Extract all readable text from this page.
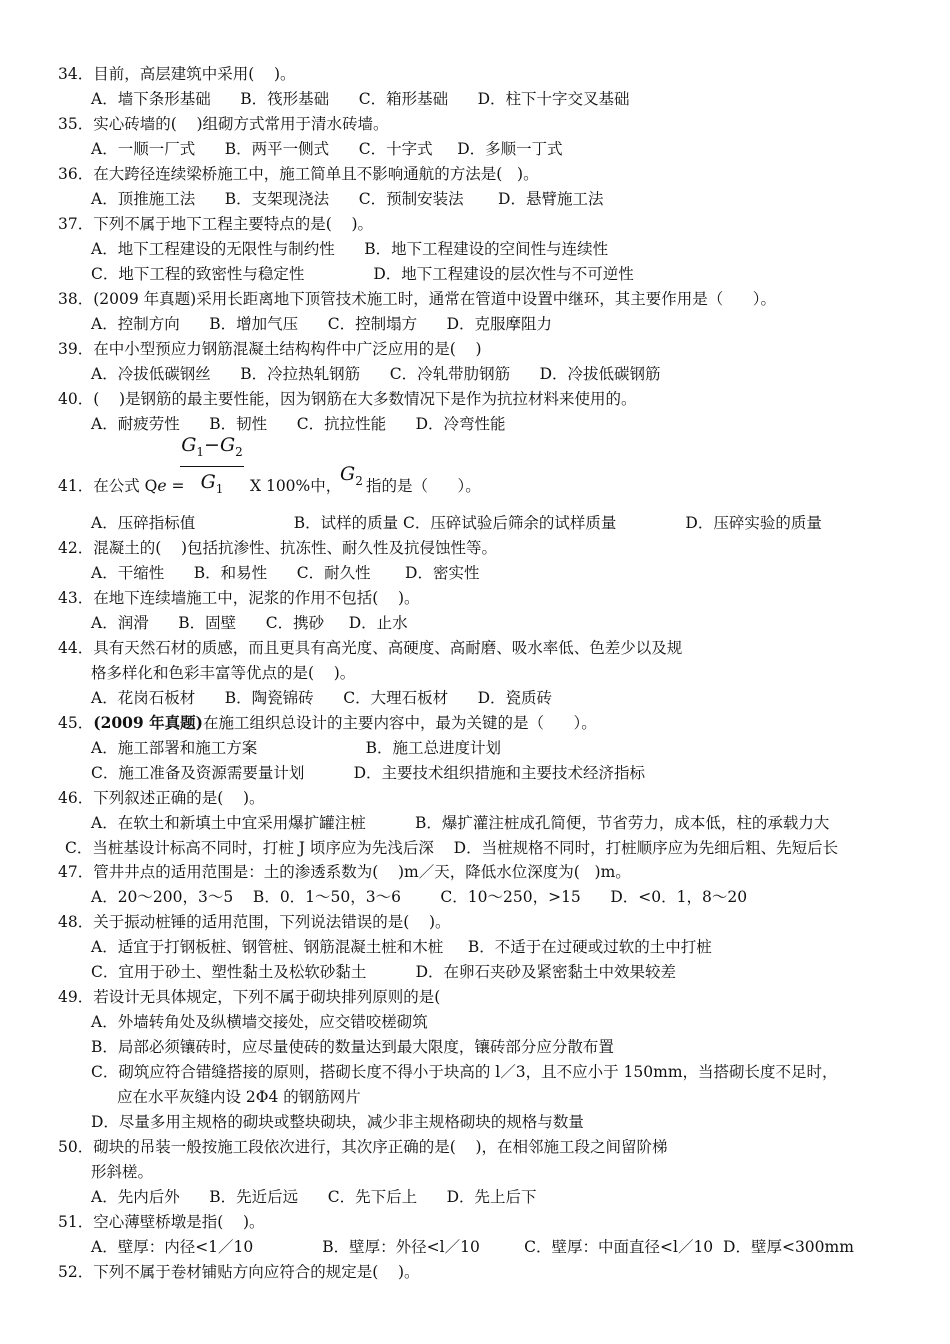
34．目前，高层建筑中采用(    )。
A．墙下条形基础      B．筏形基础      C．箱形基础      D．柱下十字交叉基础
35．实心砖墙的(    )组砌方式常用于清水砖墙。
A．一顺一厂式      B．两平一侧式      C．十字式     D．多顺一丁式
36．在大跨径连续梁桥施工中，施工简单且不影响通航的方法是(   )。
A．顶推施工法      B．支架现浇法      C．预制安装法       D．悬臂施工法
37．下列不属于地下工程主要特点的是(    )。
A．地下工程建设的无限性与制约性      B．地下工程建设的空间性与连续性
C．地下工程的致密性与稳定性              D．地下工程建设的层次性与不可逆性
38．(2009 年真题)采用长距离地下顶管技术施工时，通常在管道中设置中继环，其主要作用是（      ）。
A．控制方向      B．增加气压      C．控制塌方      D．克服摩阻力
39．在中小型预应力钢筋混凝土结构构件中广泛应用的是(    )
A．冷拔低碳钢丝      B．冷拉热轧钢筋      C．冷轧带肋钢筋      D．冷拔低碳钢筋
40．(    )是钢筋的最主要性能，因为钢筋在大多数情况下是作为抗拉材料来使用的。
A．耐疲劳性      B．韧性      C．抗拉性能      D．冷弯性能
A．压碎指标值                    B．试样的质量 C．压碎试验后筛余的试样质量              D．压碎实验的质量
42．混凝土的(    )包括抗渗性、抗冻性、耐久性及抗侵蚀性等。
A．干缩性      B．和易性      C．耐久性       D．密实性
43．在地下连续墙施工中，泥浆的作用不包括(    )。
A．润滑      B．固壁      C．携砂     D．止水
44．具有天然石材的质感，而且更具有高光度、高硬度、高耐磨、吸水率低、色差少以及规
格多样化和色彩丰富等优点的是(    )。
A．花岗石板材      B．陶瓷锦砖      C．大理石板材      D．瓷质砖
A．施工部署和施工方案                      B．施工总进度计划
C．施工准备及资源需要量计划          D．主要技术组织措施和主要技术经济指标
46．下列叙述正确的是(    )。
A．在软土和新填土中宜采用爆扩罐注桩          B．爆扩灌注桩成孔简便，节省劳力，成本低，柱的承载力大
C．当桩基设计标高不同时，打桩 J 顷序应为先浅后深    D．当桩规格不同时，打桩顺序应为先细后粗、先短后长
47．管井井点的适用范围是：土的渗透系数为(    )m／天，降低水位深度为(   )m。
A．20～200，3～5    B．0．1～50，3～6        C．10～250，>15      D．<0．1，8～20
48．关于振动桩锤的适用范围，下列说法错误的是(    )。
A．适宜于打钢板桩、钢管桩、钢筋混凝土桩和木桩     B．不适于在过硬或过软的土中打桩
C．宜用于砂土、塑性黏土及松软砂黏土          D．在卵石夹砂及紧密黏土中效果较差
49．若设计无具体规定，下列不属于砌块排列原则的是(
A．外墙转角处及纵横墙交接处，应交错咬槎砌筑
B．局部必须镶砖时，应尽量使砖的数量达到最大限度，镶砖部分应分散布置
C．砌筑应符合错缝搭接的原则，搭砌长度不得小于块高的 l／3，且不应小于 150mm，当搭砌长度不足时，
应在水平灰缝内设 2Φ4 的钢筋网片
D．尽量多用主规格的砌块或整块砌块，减少非主规格砌块的规格与数量
50．砌块的吊装一般按施工段依次进行，其次序正确的是(    )，在相邻施工段之间留阶梯
形斜槎。
A．先内后外      B．先近后远      C．先下后上      D．先上后下
51．空心薄壁桥墩是指(    )。
A．壁厚：内径<1／10              B．壁厚：外径<l／10         C．壁厚：中面直径<l／10  D．壁厚<300mm
52．下列不属于卷材铺贴方向应符合的规定是(    )。
41．在公式 Qe =
$G_1-G_2$
$G_1$	X 100%中，
$G_2$ 指的是（      ）。
45．(2009 年真题)在施工组织总设计的主要内容中，最为关键的是（      ）。
